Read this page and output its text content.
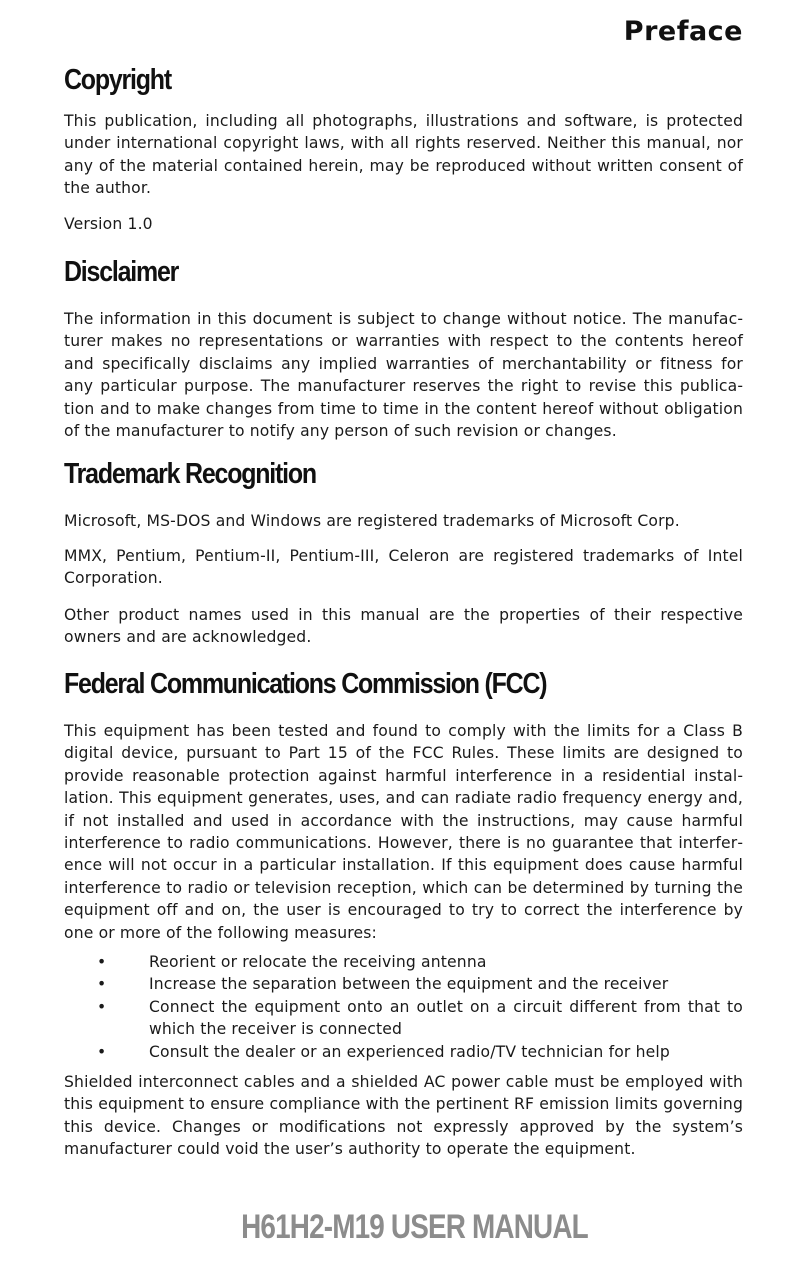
Preface
Copyright

This publication, including all photographs, illustrations and software, is protected under international copyright laws, with all rights reserved. Neither this manual, nor any of the material contained herein, may be reproduced without written consent of the author.

Version 1.0

Disclaimer

The information in this document is subject to change without notice. The manufacturer makes no representations or warranties with respect to the contents hereof and specifically disclaims any implied warranties of merchantability or fitness for any particular purpose. The manufacturer reserves the right to revise this publication and to make changes from time to time in the content hereof without obligation of the manufacturer to notify any person of such revision or changes.

Trademark Recognition

Microsoft, MS-DOS and Windows are registered trademarks of Microsoft Corp.

MMX, Pentium, Pentium-II, Pentium-III, Celeron are registered trademarks of Intel Corporation.

Other product names used in this manual are the properties of their respective owners and are acknowledged.

Federal Communications Commission (FCC)

This equipment has been tested and found to comply with the limits for a Class B digital device, pursuant to Part 15 of the FCC Rules. These limits are designed to provide reasonable protection against harmful interference in a residential installation. This equipment generates, uses, and can radiate radio frequency energy and, if not installed and used in accordance with the instructions, may cause harmful interference to radio communications. However, there is no guarantee that interference will not occur in a particular installation. If this equipment does cause harmful interference to radio or television reception, which can be determined by turning the equipment off and on, the user is encouraged to try to correct the interference by one or more of the following measures:

•	Reorient or relocate the receiving antenna
•	Increase the separation between the equipment and the receiver
•	Connect the equipment onto an outlet on a circuit different from that to which the receiver is connected
•	Consult the dealer or an experienced radio/TV technician for help

Shielded interconnect cables and a shielded AC power cable must be employed with this equipment to ensure compliance with the pertinent RF emission limits governing this device. Changes or modifications not expressly approved by the system’s manufacturer could void the user’s authority to operate the equipment.

H61H2-M19 USER MANUAL
